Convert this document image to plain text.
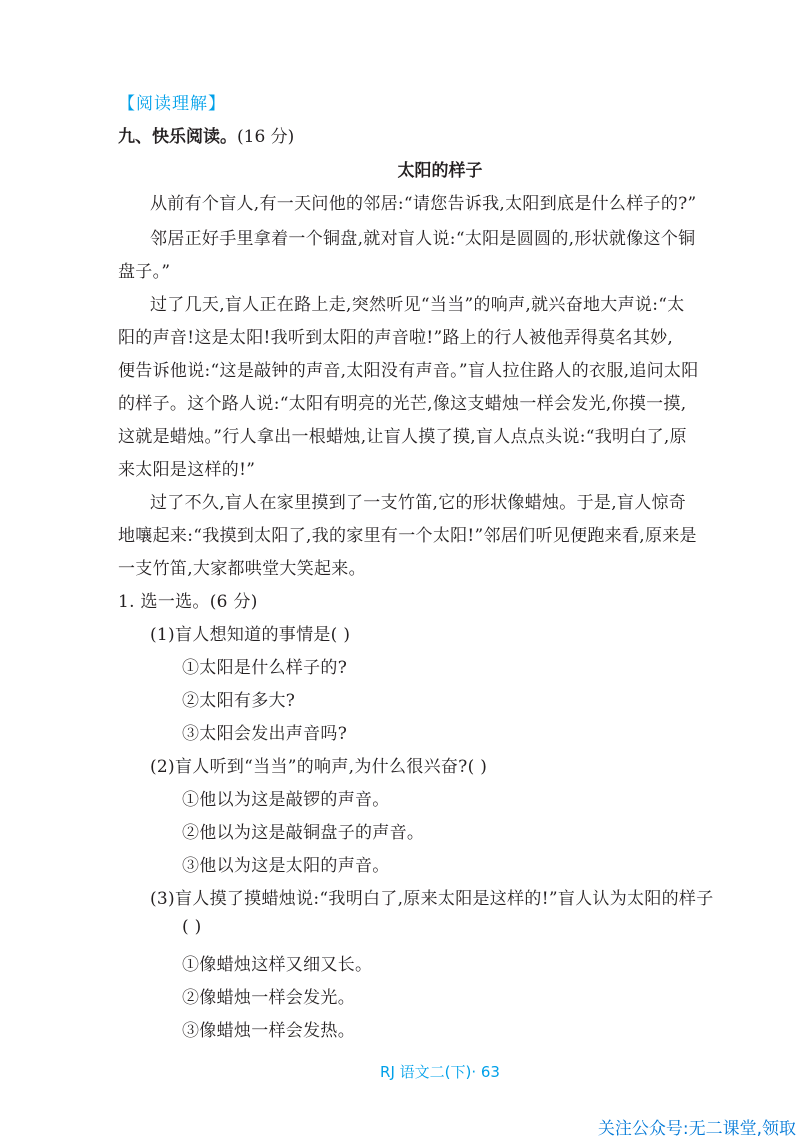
【阅读理解】
九、快乐阅读。(16 分)
太阳的样子
从前有个盲人,有一天问他的邻居:“请您告诉我,太阳到底是什么样子的?”
邻居正好手里拿着一个铜盘,就对盲人说:“太阳是圆圆的,形状就像这个铜
盘子。”
过了几天,盲人正在路上走,突然听见“当当”的响声,就兴奋地大声说:“太
阳的声音!这是太阳!我听到太阳的声音啦!”路上的行人被他弄得莫名其妙,
便告诉他说:“这是敲钟的声音,太阳没有声音。”盲人拉住路人的衣服,追问太阳
的样子。这个路人说:“太阳有明亮的光芒,像这支蜡烛一样会发光,你摸一摸,
这就是蜡烛。”行人拿出一根蜡烛,让盲人摸了摸,盲人点点头说:“我明白了,原
来太阳是这样的!”
过了不久,盲人在家里摸到了一支竹笛,它的形状像蜡烛。于是,盲人惊奇
地嚷起来:“我摸到太阳了,我的家里有一个太阳!”邻居们听见便跑来看,原来是
一支竹笛,大家都哄堂大笑起来。
1. 选一选。(6 分)
(1)盲人想知道的事情是( )
①太阳是什么样子的?
②太阳有多大?
③太阳会发出声音吗?
(2)盲人听到“当当”的响声,为什么很兴奋?( )
①他以为这是敲锣的声音。
②他以为这是敲铜盘子的声音。
③他以为这是太阳的声音。
(3)盲人摸了摸蜡烛说:“我明白了,原来太阳是这样的!”盲人认为太阳的样子
( )
①像蜡烛这样又细又长。
②像蜡烛一样会发光。
③像蜡烛一样会发热。
RJ 语文二(下)· 63
关注公众号:无二课堂,领取
